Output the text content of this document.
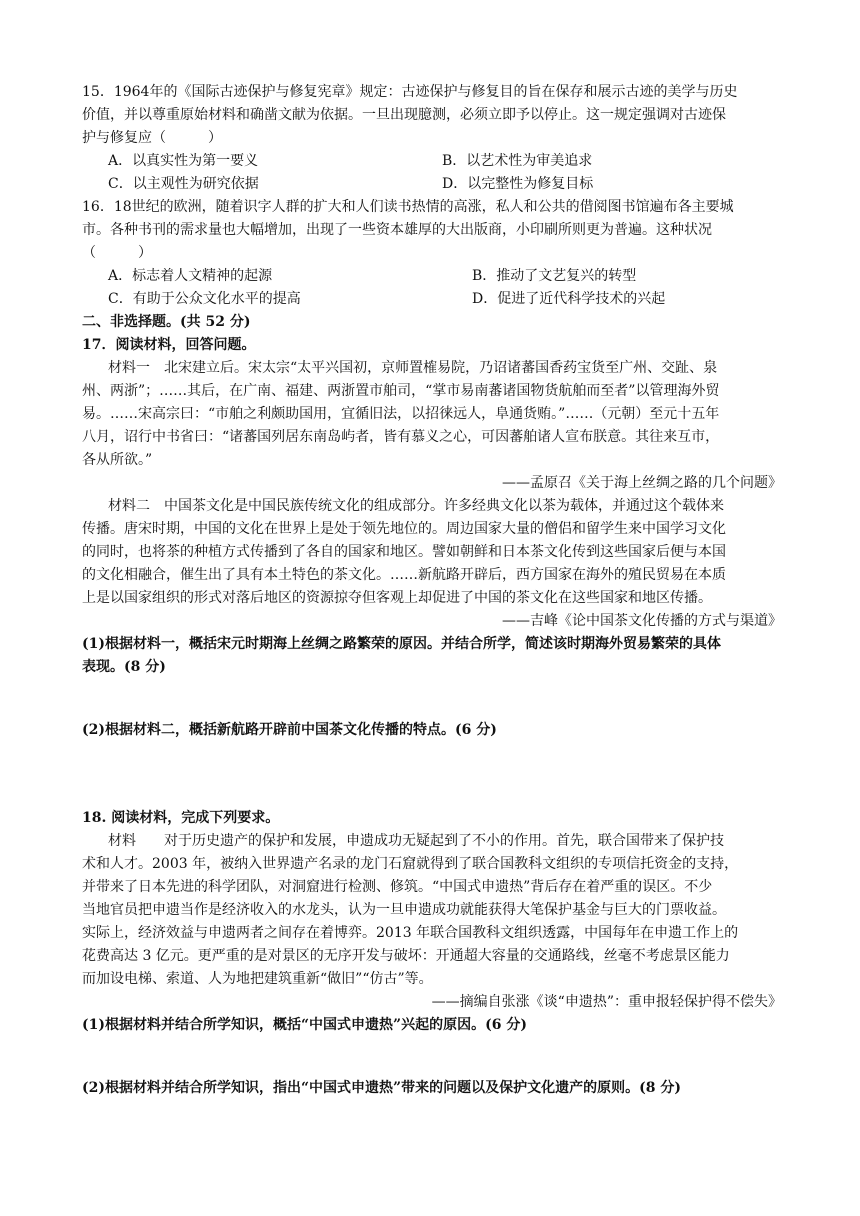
15．1964年的《国际古迹保护与修复宪章》规定：古迹保护与修复目的旨在保存和展示古迹的美学与历史
价值，并以尊重原始材料和确凿文献为依据。一旦出现臆测，必须立即予以停止。这一规定强调对古迹保
护与修复应（　　　）
A．以真实性为第一要义	B．以艺术性为审美追求
C．以主观性为研究依据	D．以完整性为修复目标
16．18世纪的欧洲，随着识字人群的扩大和人们读书热情的高涨，私人和公共的借阅图书馆遍布各主要城
市。各种书刊的需求量也大幅增加，出现了一些资本雄厚的大出版商，小印刷所则更为普遍。这种状况
（　　　）
A．标志着人文精神的起源	B．推动了文艺复兴的转型
C．有助于公众文化水平的提高	D．促进了近代科学技术的兴起
二、非选择题。(共 52 分)
17．阅读材料，回答问题。
材料一　北宋建立后。宋太宗“太平兴国初，京师置榷易院，乃诏诸蕃国香药宝货至广州、交趾、泉
州、两浙”；……其后，在广南、福建、两浙置市舶司，“掌市易南蕃诸国物货航舶而至者”以管理海外贸
易。……宋高宗曰：“市舶之利颇助国用，宜循旧法，以招徕远人，阜通货贿。”……（元朝）至元十五年
八月，诏行中书省曰：“诸蕃国列居东南岛屿者，皆有慕义之心，可因蕃舶诸人宣布朕意。其往来互市，
各从所欲。”
——孟原召《关于海上丝绸之路的几个问题》
材料二　中国茶文化是中国民族传统文化的组成部分。许多经典文化以茶为载体，并通过这个载体来
传播。唐宋时期，中国的文化在世界上是处于领先地位的。周边国家大量的僧侣和留学生来中国学习文化
的同时，也将茶的种植方式传播到了各自的国家和地区。譬如朝鲜和日本茶文化传到这些国家后便与本国
的文化相融合，催生出了具有本土特色的茶文化。……新航路开辟后，西方国家在海外的殖民贸易在本质
上是以国家组织的形式对落后地区的资源掠夺但客观上却促进了中国的茶文化在这些国家和地区传播。
——吉峰《论中国茶文化传播的方式与渠道》
(1)根据材料一，概括宋元时期海上丝绸之路繁荣的原因。并结合所学，简述该时期海外贸易繁荣的具体
表现。(8 分)
(2)根据材料二，概括新航路开辟前中国茶文化传播的特点。(6 分)
18. 阅读材料，完成下列要求。
材料　　对于历史遗产的保护和发展，申遗成功无疑起到了不小的作用。首先，联合国带来了保护技
术和人才。2003 年，被纳入世界遗产名录的龙门石窟就得到了联合国教科文组织的专项信托资金的支持，
并带来了日本先进的科学团队，对洞窟进行检测、修筑。“中国式申遗热”背后存在着严重的误区。不少
当地官员把申遗当作是经济收入的水龙头，认为一旦申遗成功就能获得大笔保护基金与巨大的门票收益。
实际上，经济效益与申遗两者之间存在着博弈。2013 年联合国教科文组织透露，中国每年在申遗工作上的
花费高达 3 亿元。更严重的是对景区的无序开发与破坏：开通超大容量的交通路线，丝毫不考虑景区能力
而加设电梯、索道、人为地把建筑重新“做旧”“仿古”等。
——摘编自张涨《谈“申遗热”：重申报轻保护得不偿失》
(1)根据材料并结合所学知识，概括“中国式申遗热”兴起的原因。(6 分)
(2)根据材料并结合所学知识，指出“中国式申遗热”带来的问题以及保护文化遗产的原则。(8 分)
